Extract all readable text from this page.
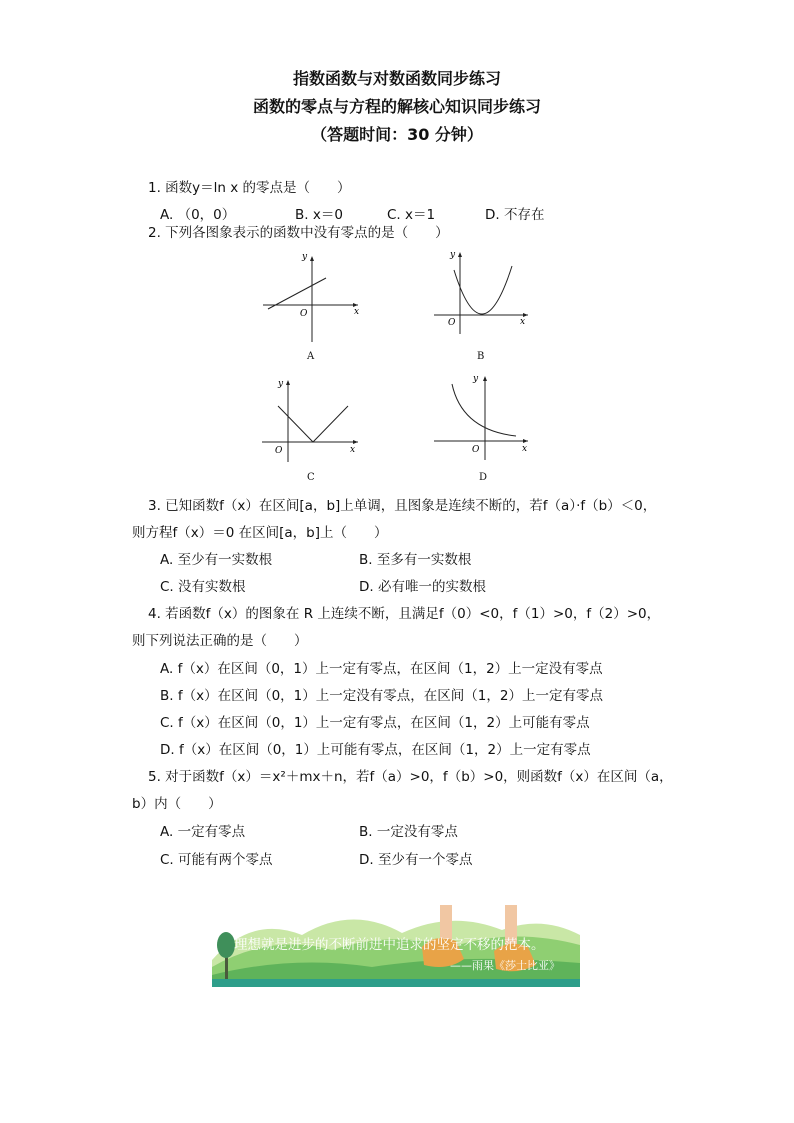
指数函数与对数函数同步练习
函数的零点与方程的解核心知识同步练习
（答题时间：30 分钟）
1. 函数y＝ln x 的零点是（　　）
A. （0，0）	B. x＝0	C. x＝1	D. 不存在
2. 下列各图象表示的函数中没有零点的是（　　）
y
x
O
A
y
x
O
B
y
x
O
C
y
x
O
D
3. 已知函数f（x）在区间[a，b]上单调，且图象是连续不断的，若f（a）·f（b）＜0，
则方程f（x）＝0 在区间[a，b]上（　　）
A. 至少有一实数根	B. 至多有一实数根
C. 没有实数根	D. 必有唯一的实数根
4. 若函数f（x）的图象在 R 上连续不断，且满足f（0）<0，f（1）>0，f（2）>0，
则下列说法正确的是（　　）
A. f（x）在区间（0，1）上一定有零点，在区间（1，2）上一定没有零点
B. f（x）在区间（0，1）上一定没有零点，在区间（1，2）上一定有零点
C. f（x）在区间（0，1）上一定有零点，在区间（1，2）上可能有零点
D. f（x）在区间（0，1）上可能有零点，在区间（1，2）上一定有零点
5. 对于函数f（x）＝x²＋mx＋n，若f（a）>0，f（b）>0，则函数f（x）在区间（a，
b）内（　　）
A. 一定有零点	B. 一定没有零点
C. 可能有两个零点	D. 至少有一个零点
理想就是进步的不断前进中追求的坚定不移的范本。
——雨果《莎士比亚》
